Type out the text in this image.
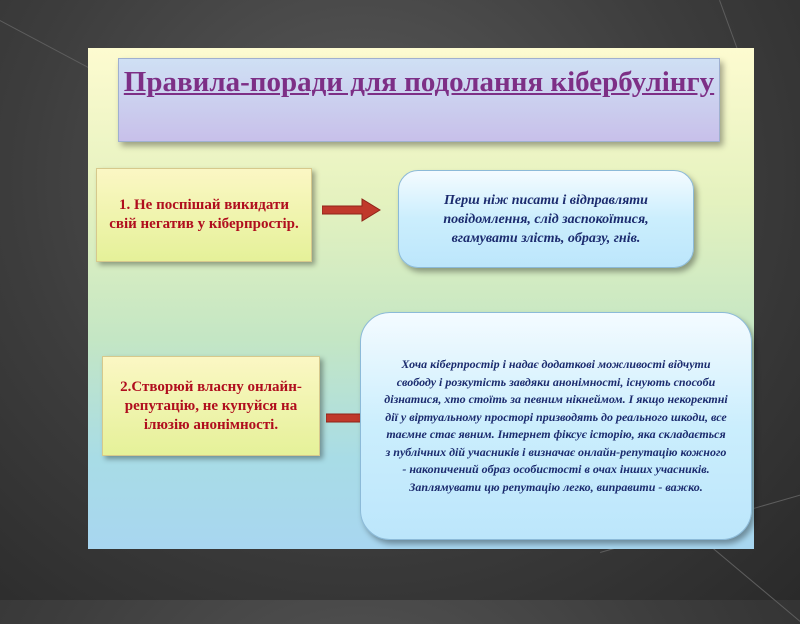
Правила-поради для подолання кібербулінгу
1. Не поспішай викидати свій негатив у кіберпростір.
Перш ніж писати і відправляти повідомлення, слід заспокоїтися, вгамувати злість, образу, гнів.
2.Створюй власну онлайн-репутацію, не купуйся на ілюзію анонімності.
Хоча кіберпростір і надає додаткові можливості відчути свободу і розкутість завдяки анонімності, існують способи дізнатися, хто стоїть за певним нікнеймом. І якщо некоректні дії у віртуальному просторі призводять до реального шкоди, все таємне стає явним. Інтернет фіксує історію, яка складається з публічних дій учасників і визначає онлайн-репутацію кожного - накопичений образ особистості в очах інших учасників. Заплямувати цю репутацію легко, виправити - важко.
